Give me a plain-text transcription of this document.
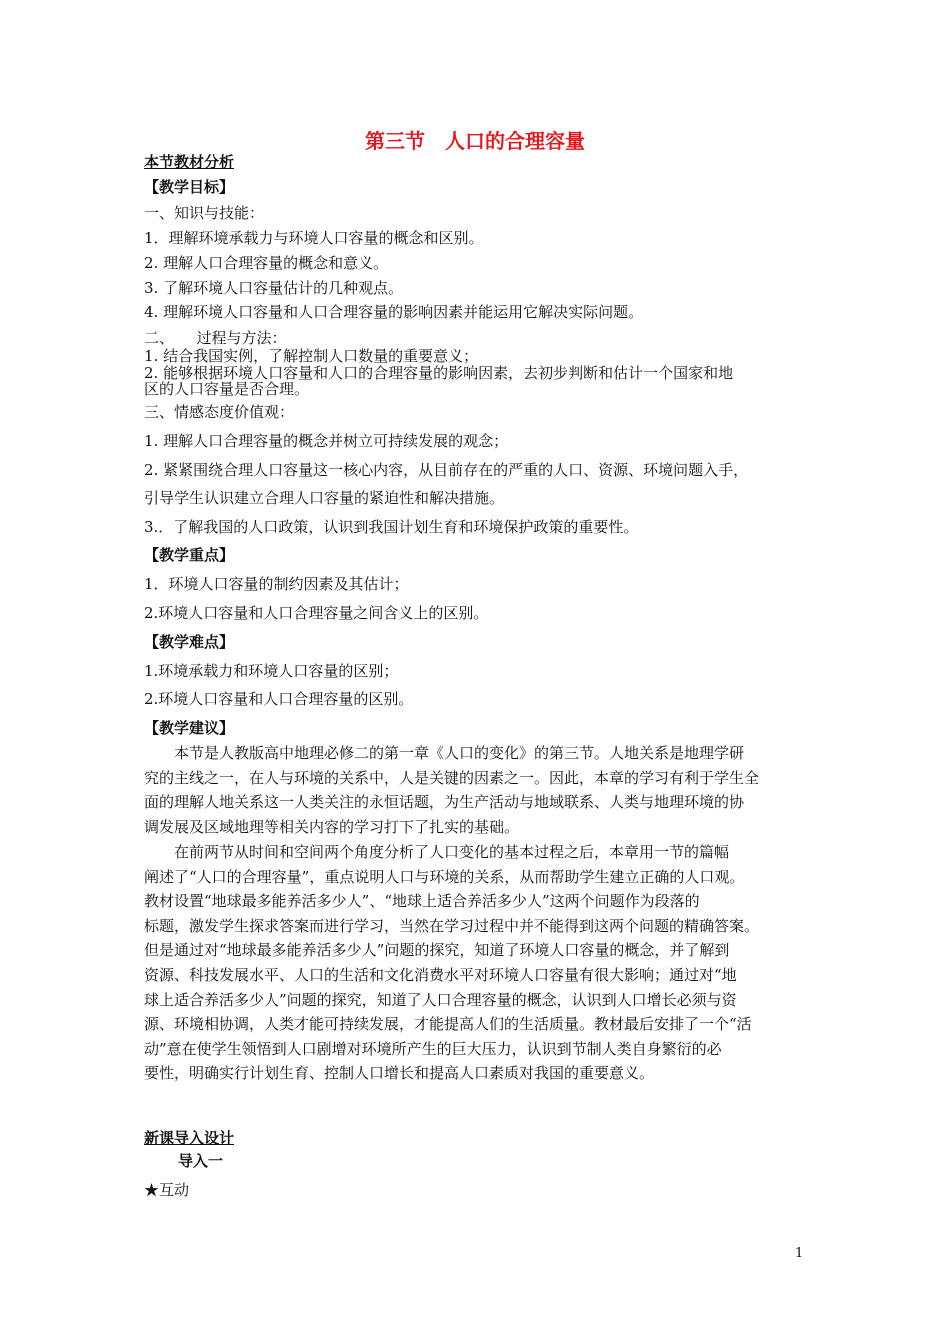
第三节　人口的合理容量
本节教材分析
【教学目标】
一、知识与技能：
1．理解环境承载力与环境人口容量的概念和区别。
2. 理解人口合理容量的概念和意义。
3. 了解环境人口容量估计的几种观点。
4. 理解环境人口容量和人口合理容量的影响因素并能运用它解决实际问题。
二、　　过程与方法：
1. 结合我国实例，了解控制人口数量的重要意义；
2. 能够根据环境人口容量和人口的合理容量的影响因素，去初步判断和估计一个国家和地
区的人口容量是否合理。
三、情感态度价值观：
1. 理解人口合理容量的概念并树立可持续发展的观念；
2. 紧紧围绕合理人口容量这一核心内容，从目前存在的严重的人口、资源、环境问题入手，
引导学生认识建立合理人口容量的紧迫性和解决措施。
3.．了解我国的人口政策，认识到我国计划生育和环境保护政策的重要性。
【教学重点】
1．环境人口容量的制约因素及其估计；
2.环境人口容量和人口合理容量之间含义上的区别。
【教学难点】
1.环境承载力和环境人口容量的区别；
2.环境人口容量和人口合理容量的区别。
【教学建议】

　　本节是人教版高中地理必修二的第一章《人口的变化》的第三节。人地关系是地理学研

究的主线之一，在人与环境的关系中，人是关键的因素之一。因此，本章的学习有利于学生全

面的理解人地关系这一人类关注的永恒话题，为生产活动与地域联系、人类与地理环境的协

调发展及区域地理等相关内容的学习打下了扎实的基础。

　　在前两节从时间和空间两个角度分析了人口变化的基本过程之后，本章用一节的篇幅

阐述了“人口的合理容量”，重点说明人口与环境的关系，从而帮助学生建立正确的人口观。

教材设置“地球最多能养活多少人”、“地球上适合养活多少人”这两个问题作为段落的

标题，激发学生探求答案而进行学习，当然在学习过程中并不能得到这两个问题的精确答案。

但是通过对“地球最多能养活多少人”问题的探究，知道了环境人口容量的概念，并了解到

资源、科技发展水平、人口的生活和文化消费水平对环境人口容量有很大影响；通过对“地

球上适合养活多少人”问题的探究，知道了人口合理容量的概念，认识到人口增长必须与资

源、环境相协调，人类才能可持续发展，才能提高人们的生活质量。教材最后安排了一个“活

动”意在使学生领悟到人口剧增对环境所产生的巨大压力，认识到节制人类自身繁衍的必

要性，明确实行计划生育、控制人口增长和提高人口素质对我国的重要意义。

新课导入设计
导入一
★互动
1
